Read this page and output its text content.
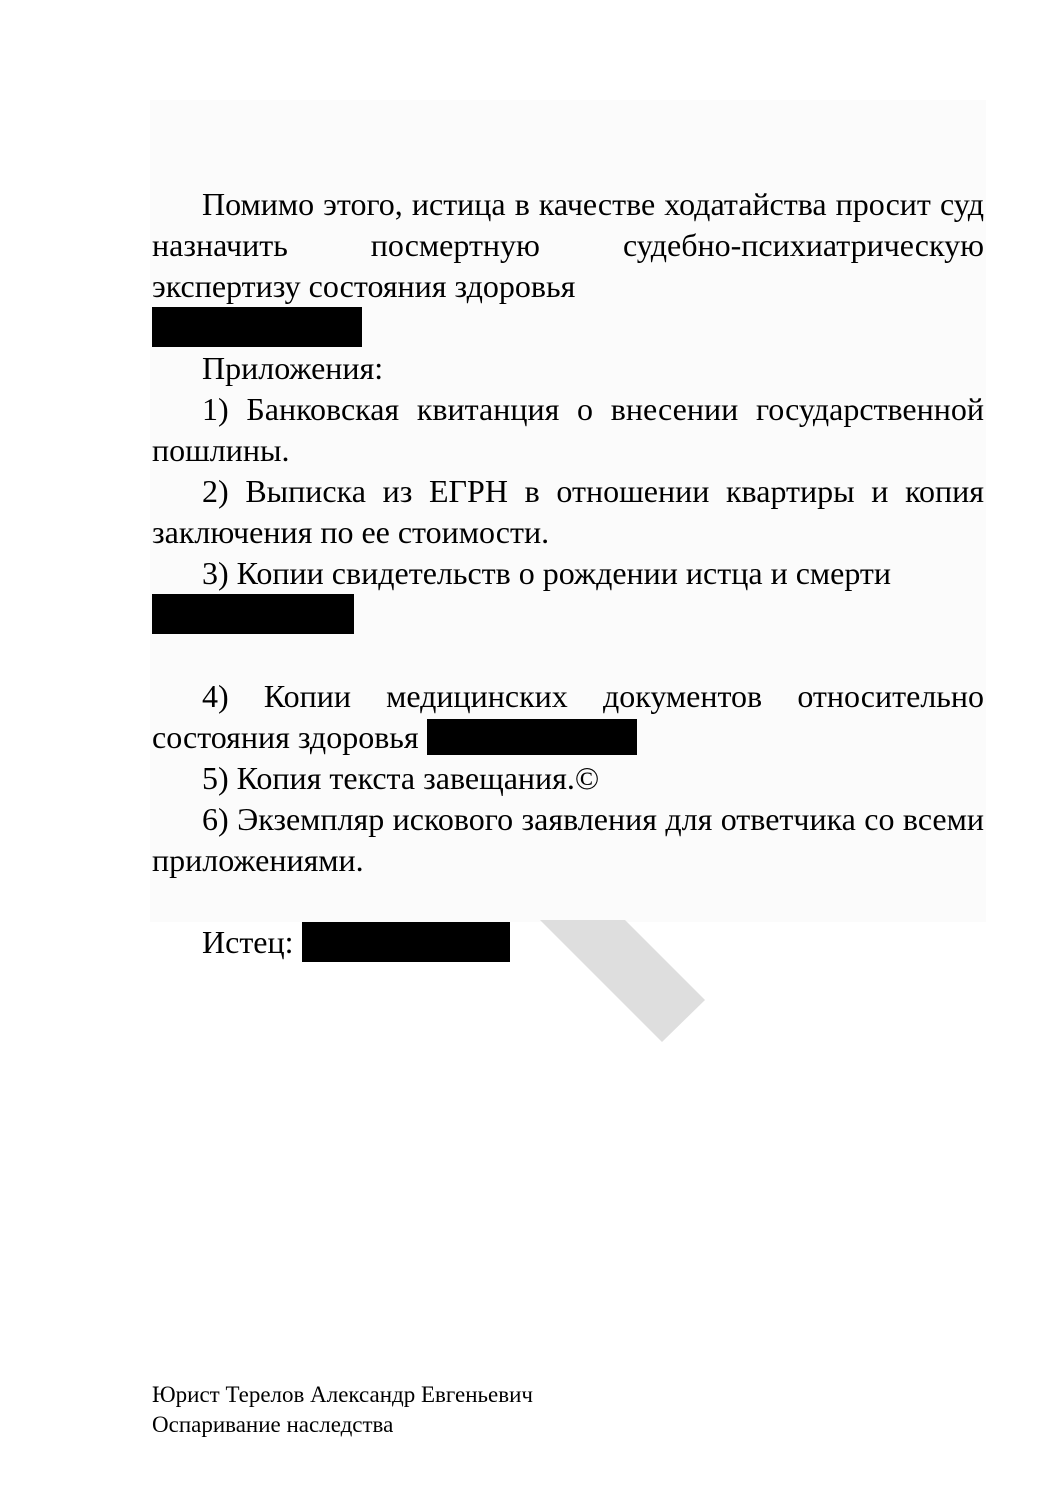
Помимо этого, истица в качестве ходатайства просит суд назначить посмертную судебно-психиатрическую экспертизу состояния здоровья

Приложения:

1) Банковская квитанция о внесении государственной пошлины.

2) Выписка из ЕГРН в отношении квартиры и копия заключения по ее стоимости.

3) Копии свидетельств о рождении истца и смерти

4) Копии медицинских документов относительно состояния здоровья

5) Копия текста завещания.©

6) Экземпляр искового заявления для ответчика со всеми приложениями.

Истец:

Юрист Терелов Александр Евгеньевич
Оспаривание наследства
